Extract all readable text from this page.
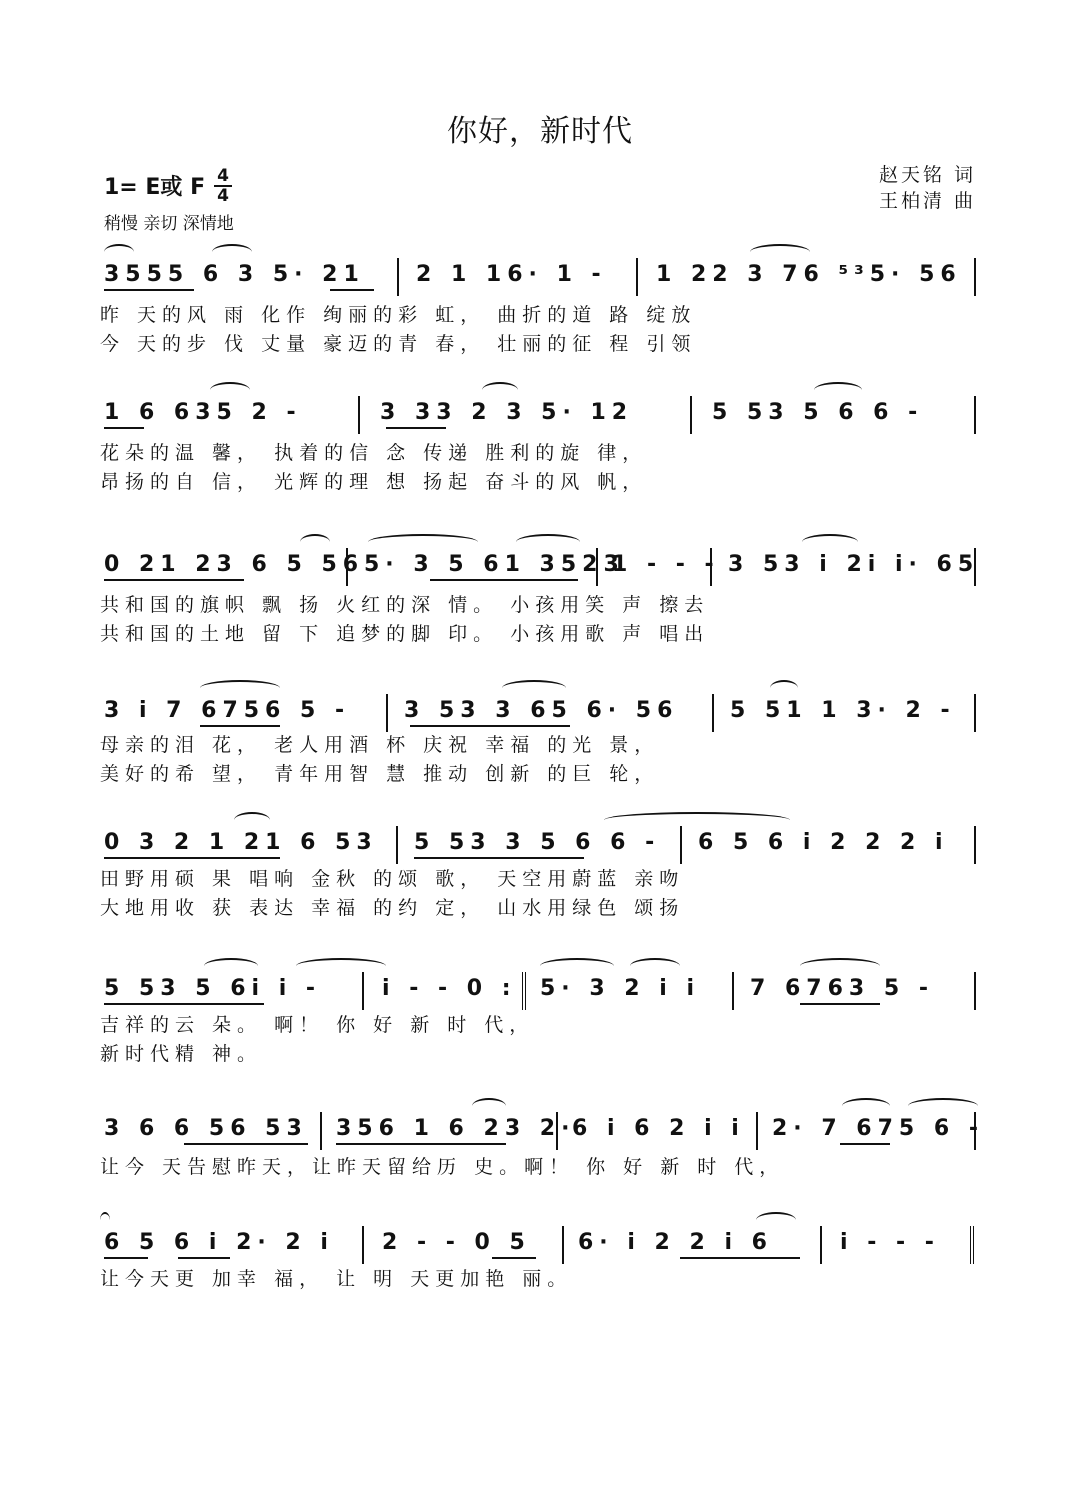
你好，新时代
1= E或 F 4
4
稍慢 亲切 深情地
赵天铭 词
王柏清 曲
3555 6 3 5· 21 2 1 16· 1 - 1 22 3 76 ⁵³5· 56
昨 天的风 雨 化作 绚丽的彩 虹， 曲折的道 路 绽放
今 天的步 伐 丈量 豪迈的青 春， 壮丽的征 程 引领
1 6 635 2 -	3 33 2 3 5· 12	5 53 5 6 6 -
花朵的温 馨， 执着的信 念 传递 胜利的旋 律，
昂扬的自 信， 光辉的理 想 扬起 奋斗的风 帆，
0 21 23 6 5 56 5· 3 5 61 3523
1 - - - 3 53 i 2i i· 65
共和国的旗帜 飘 扬 火红的深 情。 小孩用笑 声 擦去
共和国的土地 留 下 追梦的脚 印。 小孩用歌 声 唱出
3 i 7 6756 5 - 3 53 3 65 6· 56 5 51 1 3· 2 -
母亲的泪 花， 老人用酒 杯 庆祝 幸福 的光 景，
美好的希 望， 青年用智 慧 推动 创新 的巨 轮，
0 3 2 1 21 6 53 5 53 3 5 6 6 - 6 5 6 i 2 2 2 i
田野用硕 果 唱响 金秋 的颂 歌， 天空用蔚蓝 亲吻
大地用收 获 表达 幸福 的约 定， 山水用绿色 颂扬
5 53 5 6i i -	i - - 0 : 5· 3 2 i i 7 6763 5 -
吉祥的云 朵。 啊！ 你 好 新 时 代，
新时代精 神。
3 6 6 56 53 356 1 6 23 2·
6 i 6 2 i i 2· 7 675 6 -
让今 天告慰昨天，让昨天留给历 史。啊！ 你 好 新 时 代，
6 5 6 i 2· 2 i 2 - - 0 5 6· i 2 2 i 6	i - - -
让今天更 加幸 福， 让 明 天更加艳 丽。
